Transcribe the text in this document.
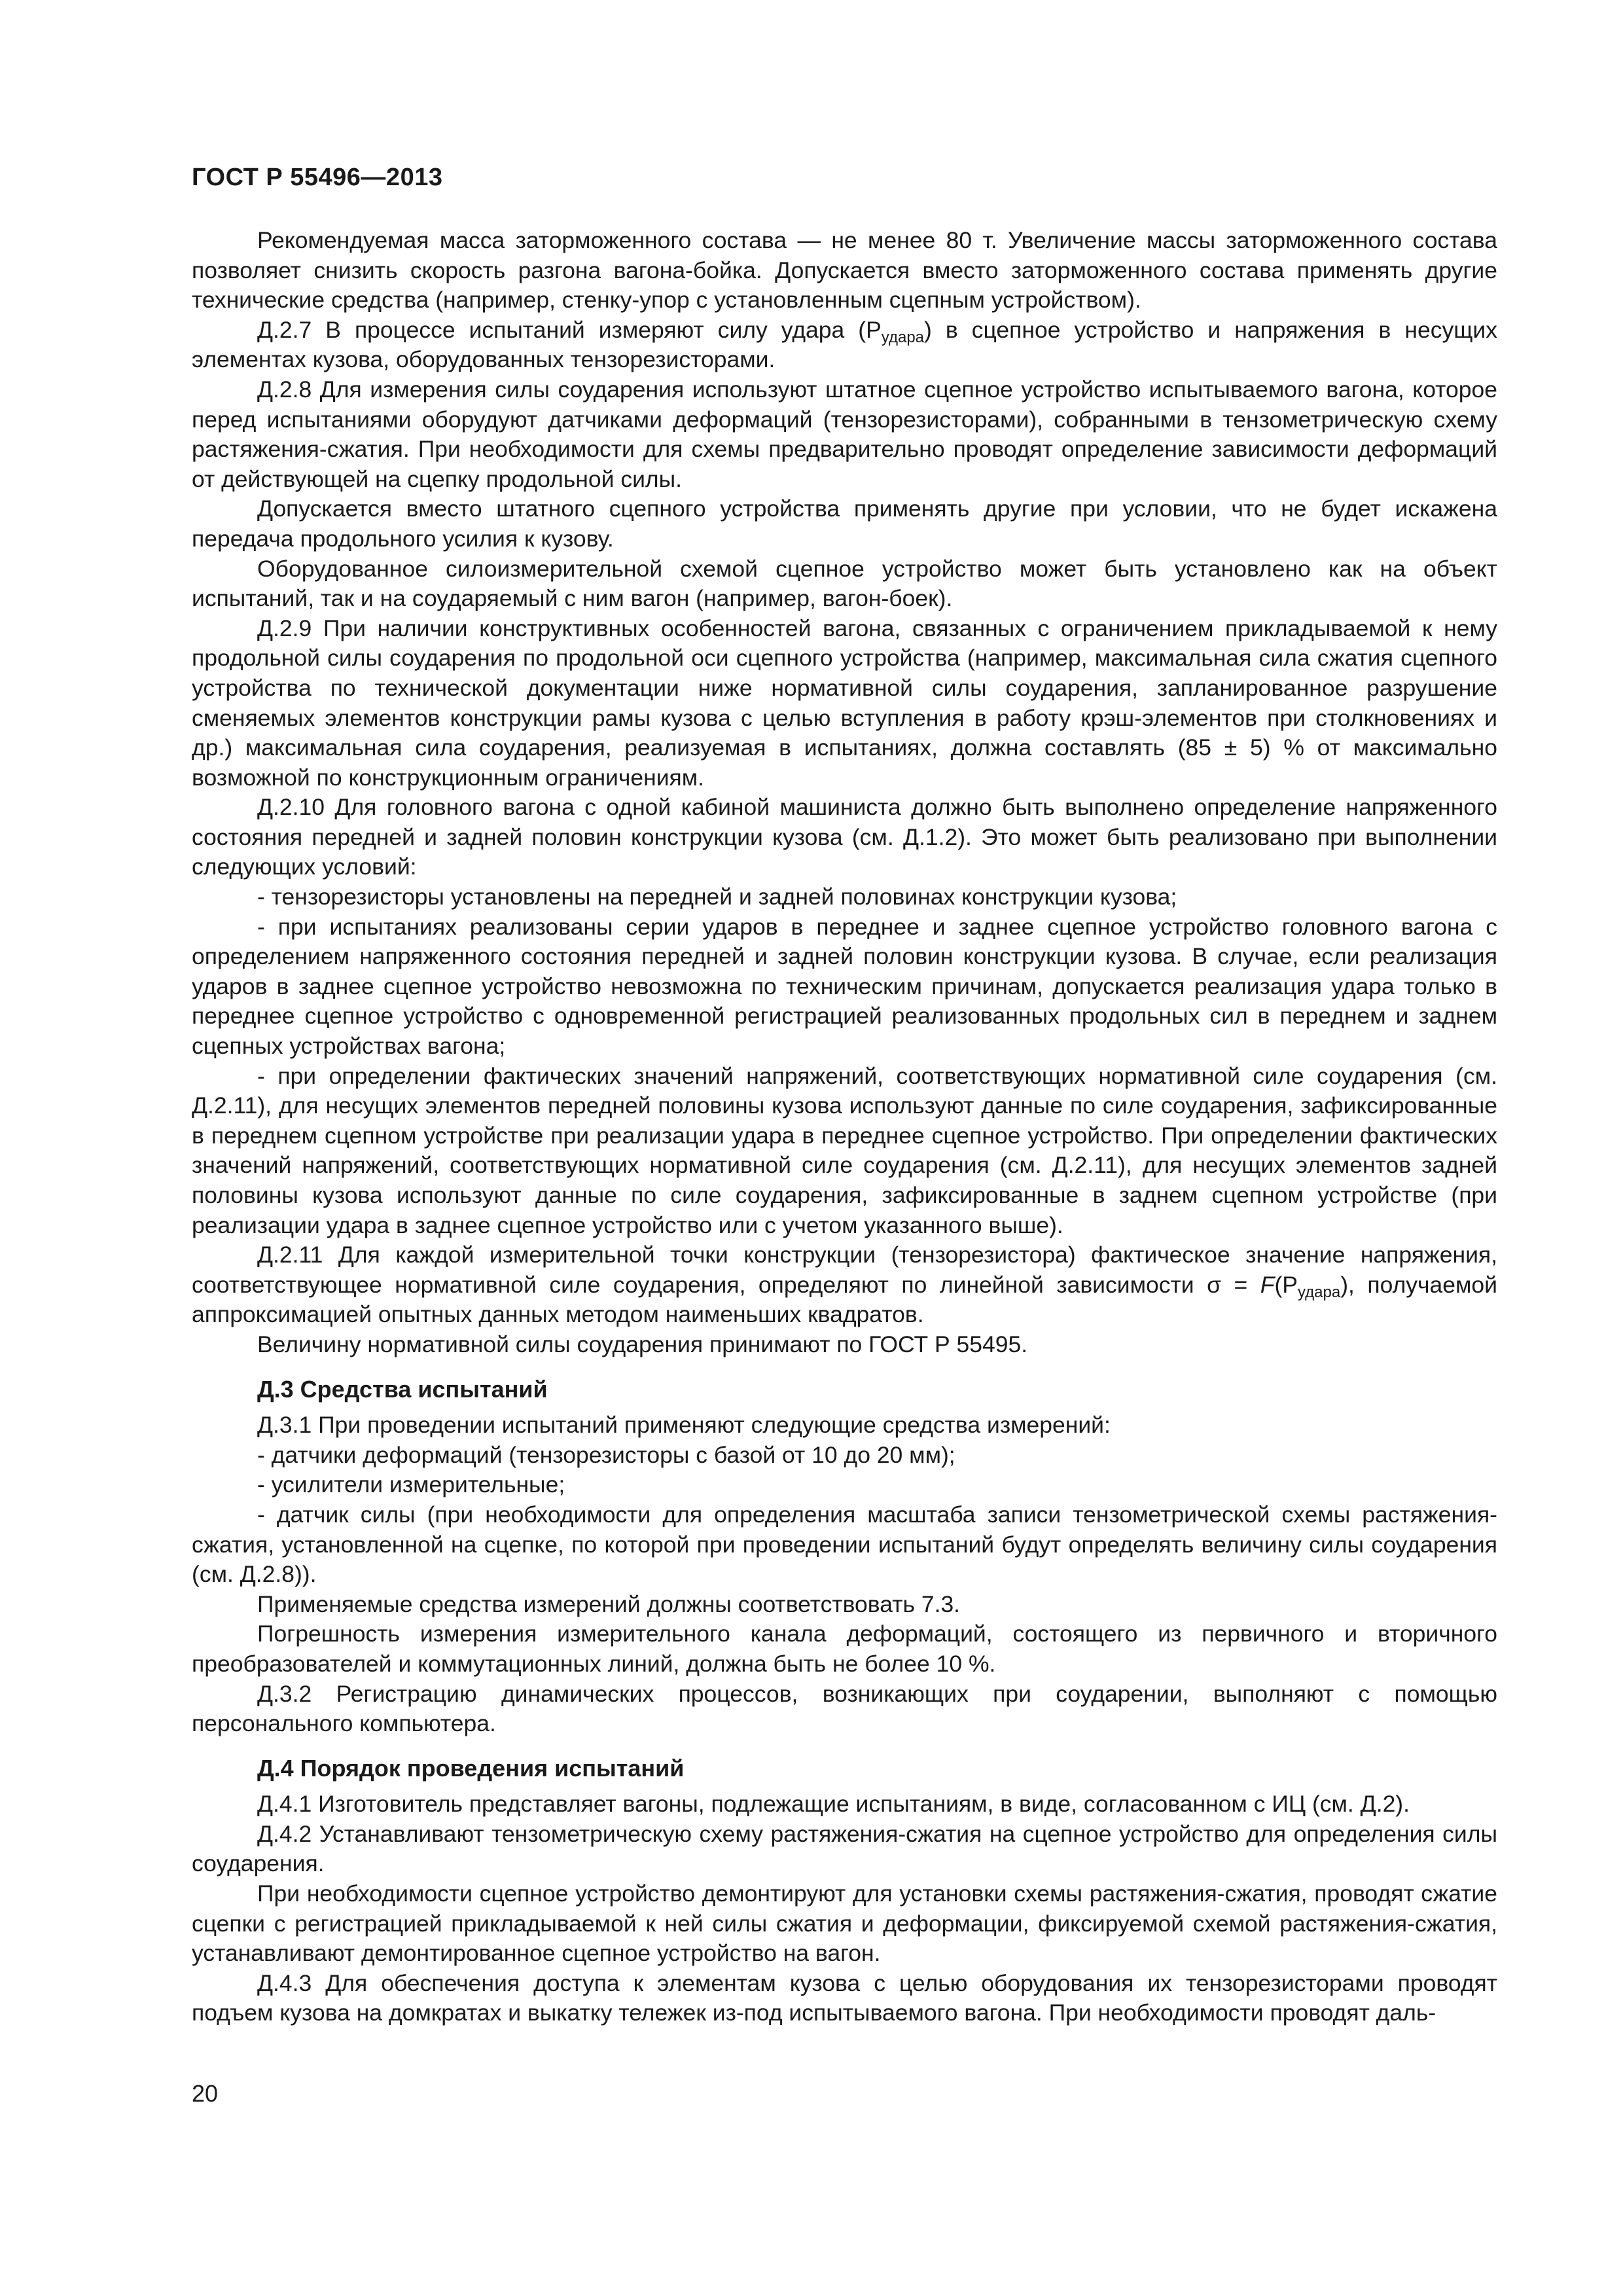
ГОСТ Р 55496—2013

Рекомендуемая масса заторможенного состава — не менее 80 т. Увеличение массы заторможенного состава позволяет снизить скорость разгона вагона-бойка. Допускается вместо заторможенного состава применять другие технические средства (например, стенку-упор с установленным сцепным устройством).

Д.2.7 В процессе испытаний измеряют силу удара $(Р_{удара})$ в сцепное устройство и напряжения в несущих элементах кузова, оборудованных тензорезисторами.

Д.2.8 Для измерения силы соударения используют штатное сцепное устройство испытываемого вагона, которое перед испытаниями оборудуют датчиками деформаций (тензорезисторами), собранными в тензометрическую схему растяжения-сжатия. При необходимости для схемы предварительно проводят определение зависимости деформаций от действующей на сцепку продольной силы.

Допускается вместо штатного сцепного устройства применять другие при условии, что не будет искажена передача продольного усилия к кузову.

Оборудованное силоизмерительной схемой сцепное устройство может быть установлено как на объект испытаний, так и на соударяемый с ним вагон (например, вагон-боек).

Д.2.9 При наличии конструктивных особенностей вагона, связанных с ограничением прикладываемой к нему продольной силы соударения по продольной оси сцепного устройства (например, максимальная сила сжатия сцепного устройства по технической документации ниже нормативной силы соударения, запланированное разрушение сменяемых элементов конструкции рамы кузова с целью вступления в работу крэш-элементов при столкновениях и др.) максимальная сила соударения, реализуемая в испытаниях, должна составлять (85 ± 5) % от максимально возможной по конструкционным ограничениям.

Д.2.10 Для головного вагона с одной кабиной машиниста должно быть выполнено определение напряженного состояния передней и задней половин конструкции кузова (см. Д.1.2). Это может быть реализовано при выполнении следующих условий:

- тензорезисторы установлены на передней и задней половинах конструкции кузова;

- при испытаниях реализованы серии ударов в переднее и заднее сцепное устройство головного вагона с определением напряженного состояния передней и задней половин конструкции кузова. В случае, если реализация ударов в заднее сцепное устройство невозможна по техническим причинам, допускается реализация удара только в переднее сцепное устройство с одновременной регистрацией реализованных продольных сил в переднем и заднем сцепных устройствах вагона;

- при определении фактических значений напряжений, соответствующих нормативной силе соударения (см. Д.2.11), для несущих элементов передней половины кузова используют данные по силе соударения, зафиксированные в переднем сцепном устройстве при реализации удара в переднее сцепное устройство. При определении фактических значений напряжений, соответствующих нормативной силе соударения (см. Д.2.11), для несущих элементов задней половины кузова используют данные по силе соударения, зафиксированные в заднем сцепном устройстве (при реализации удара в заднее сцепное устройство или с учетом указанного выше).

Д.2.11 Для каждой измерительной точки конструкции (тензорезистора) фактическое значение напряжения, соответствующее нормативной силе соударения, определяют по линейной зависимости $\sigma = F(Р_{удара})$, получаемой аппроксимацией опытных данных методом наименьших квадратов.

Величину нормативной силы соударения принимают по ГОСТ Р 55495.

Д.3 Средства испытаний

Д.3.1 При проведении испытаний применяют следующие средства измерений:

- датчики деформаций (тензорезисторы с базой от 10 до 20 мм);

- усилители измерительные;

- датчик силы (при необходимости для определения масштаба записи тензометрической схемы растяжения-сжатия, установленной на сцепке, по которой при проведении испытаний будут определять величину силы соударения (см. Д.2.8)).

Применяемые средства измерений должны соответствовать 7.3.

Погрешность измерения измерительного канала деформаций, состоящего из первичного и вторичного преобразователей и коммутационных линий, должна быть не более 10 %.

Д.3.2 Регистрацию динамических процессов, возникающих при соударении, выполняют с помощью персонального компьютера.

Д.4 Порядок проведения испытаний

Д.4.1 Изготовитель представляет вагоны, подлежащие испытаниям, в виде, согласованном с ИЦ (см. Д.2).

Д.4.2 Устанавливают тензометрическую схему растяжения-сжатия на сцепное устройство для определения силы соударения.

При необходимости сцепное устройство демонтируют для установки схемы растяжения-сжатия, проводят сжатие сцепки с регистрацией прикладываемой к ней силы сжатия и деформации, фиксируемой схемой растяжения-сжатия, устанавливают демонтированное сцепное устройство на вагон.

Д.4.3 Для обеспечения доступа к элементам кузова с целью оборудования их тензорезисторами проводят подъем кузова на домкратах и выкатку тележек из-под испытываемого вагона. При необходимости проводят даль-

20
